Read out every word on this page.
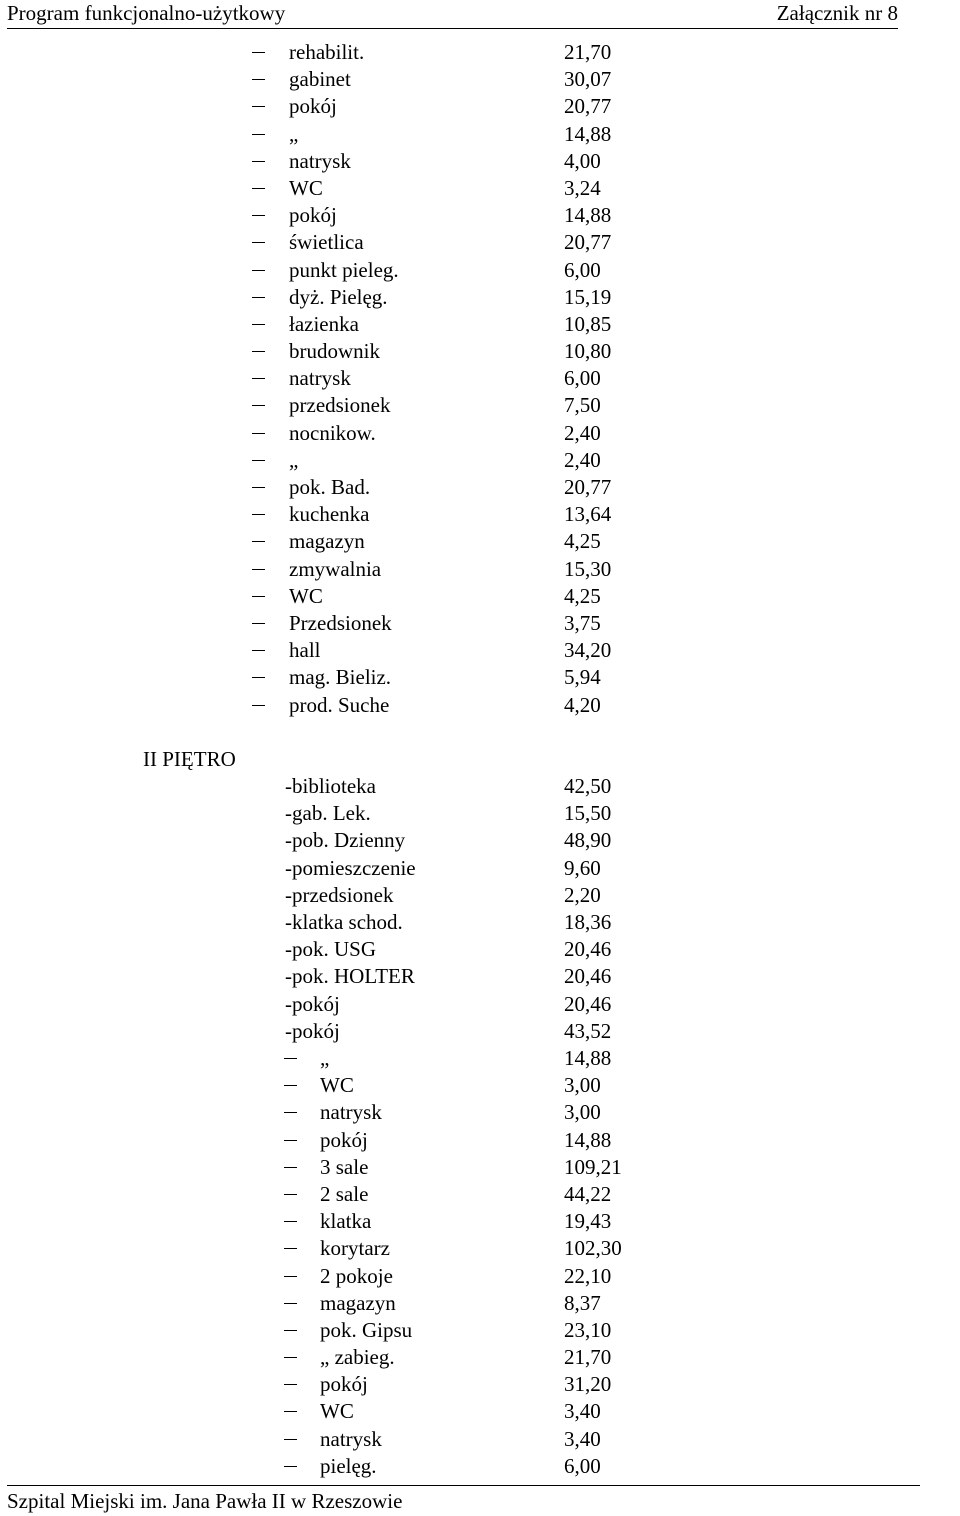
Program funkcjonalno-użytkowy	Załącznik nr 8
rehabilit.	21,70
gabinet	30,07
pokój	20,77
„	14,88
natrysk	4,00
WC	3,24
pokój	14,88
świetlica	20,77
punkt pieleg.	6,00
dyż. Pielęg.	15,19
łazienka	10,85
brudownik	10,80
natrysk	6,00
przedsionek	7,50
nocnikow.	2,40
„	2,40
pok. Bad.	20,77
kuchenka	13,64
magazyn	4,25
zmywalnia	15,30
WC	4,25
Przedsionek	3,75
hall	34,20
mag. Bieliz.	5,94
prod. Suche	4,20
II PIĘTRO
-biblioteka	42,50
-gab. Lek.	15,50
-pob. Dzienny	48,90
-pomieszczenie	9,60
-przedsionek	2,20
-klatka schod.	18,36
-pok. USG	20,46
-pok. HOLTER	20,46
-pokój	20,46
-pokój	43,52
„	14,88
WC	3,00
natrysk	3,00
pokój	14,88
3 sale	109,21
2 sale	44,22
klatka	19,43
korytarz	102,30
2 pokoje	22,10
magazyn	8,37
pok. Gipsu	23,10
„ zabieg.	21,70
pokój	31,20
WC	3,40
natrysk	3,40
pielęg.	6,00
Szpital Miejski im. Jana Pawła II w Rzeszowie
